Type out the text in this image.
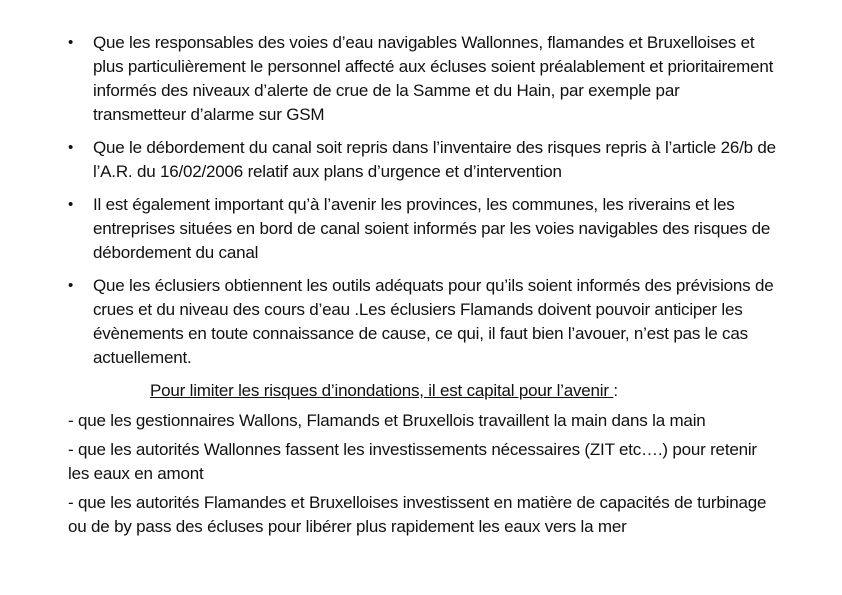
•	Que les responsables des voies d’eau navigables Wallonnes, flamandes et Bruxelloises et plus particulièrement le personnel affecté aux écluses soient préalablement et prioritairement informés des niveaux d’alerte de crue de la Samme et du Hain, par exemple par transmetteur d’alarme sur GSM
•	Que le débordement du canal soit repris dans l’inventaire des risques repris à l’article 26/b de l’A.R. du 16/02/2006 relatif aux plans d’urgence et d’intervention
•	Il est également important qu’à l’avenir les provinces, les communes, les riverains et les entreprises situées en bord de canal soient informés par les voies navigables des risques de débordement du canal
•	Que les éclusiers obtiennent les outils adéquats pour qu’ils soient informés des prévisions de crues et du niveau des cours d’eau .Les éclusiers Flamands doivent pouvoir anticiper les évènements en toute connaissance de cause, ce qui, il faut bien l’avouer, n’est pas le cas actuellement.

Pour limiter les risques d’inondations, il est capital pour l’avenir :

- que les gestionnaires Wallons, Flamands et Bruxellois travaillent la main dans la main

- que les autorités Wallonnes fassent les investissements nécessaires (ZIT etc….) pour retenir les eaux en amont

- que les autorités Flamandes et Bruxelloises investissent en matière de capacités de turbinage ou de by pass des écluses pour libérer plus rapidement les eaux vers la mer
